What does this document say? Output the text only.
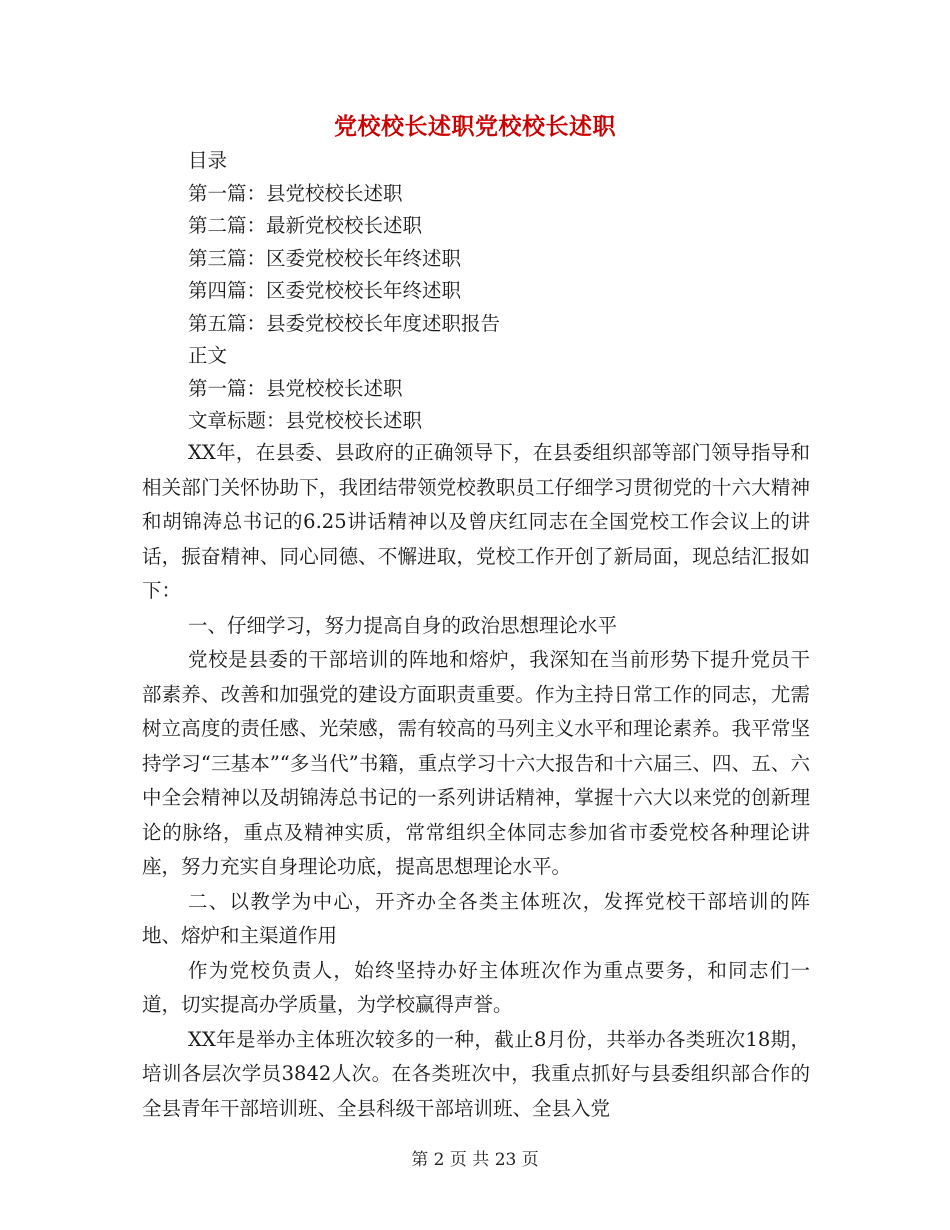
党校校长述职党校校长述职
目录
第一篇：县党校校长述职
第二篇：最新党校校长述职
第三篇：区委党校校长年终述职
第四篇：区委党校校长年终述职
第五篇：县委党校校长年度述职报告
正文
第一篇：县党校校长述职
文章标题：县党校校长述职

XX年，在县委、县政府的正确领导下，在县委组织部等部门领导指导和相关部门关怀协助下，我团结带领党校教职员工仔细学习贯彻党的十六大精神和胡锦涛总书记的6.25讲话精神以及曾庆红同志在全国党校工作会议上的讲话，振奋精神、同心同德、不懈进取，党校工作开创了新局面，现总结汇报如下：

一、仔细学习，努力提高自身的政治思想理论水平

党校是县委的干部培训的阵地和熔炉，我深知在当前形势下提升党员干部素养、改善和加强党的建设方面职责重要。作为主持日常工作的同志，尤需树立高度的责任感、光荣感，需有较高的马列主义水平和理论素养。我平常坚持学习“三基本”“多当代”书籍，重点学习十六大报告和十六届三、四、五、六中全会精神以及胡锦涛总书记的一系列讲话精神，掌握十六大以来党的创新理论的脉络，重点及精神实质，常常组织全体同志参加省市委党校各种理论讲座，努力充实自身理论功底，提高思想理论水平。

二、以教学为中心，开齐办全各类主体班次，发挥党校干部培训的阵地、熔炉和主渠道作用

作为党校负责人，始终坚持办好主体班次作为重点要务，和同志们一道，切实提高办学质量，为学校赢得声誉。

XX年是举办主体班次较多的一种，截止8月份，共举办各类班次18期，培训各层次学员3842人次。在各类班次中，我重点抓好与县委组织部合作的全县青年干部培训班、全县科级干部培训班、全县入党

第 2 页 共 23 页
